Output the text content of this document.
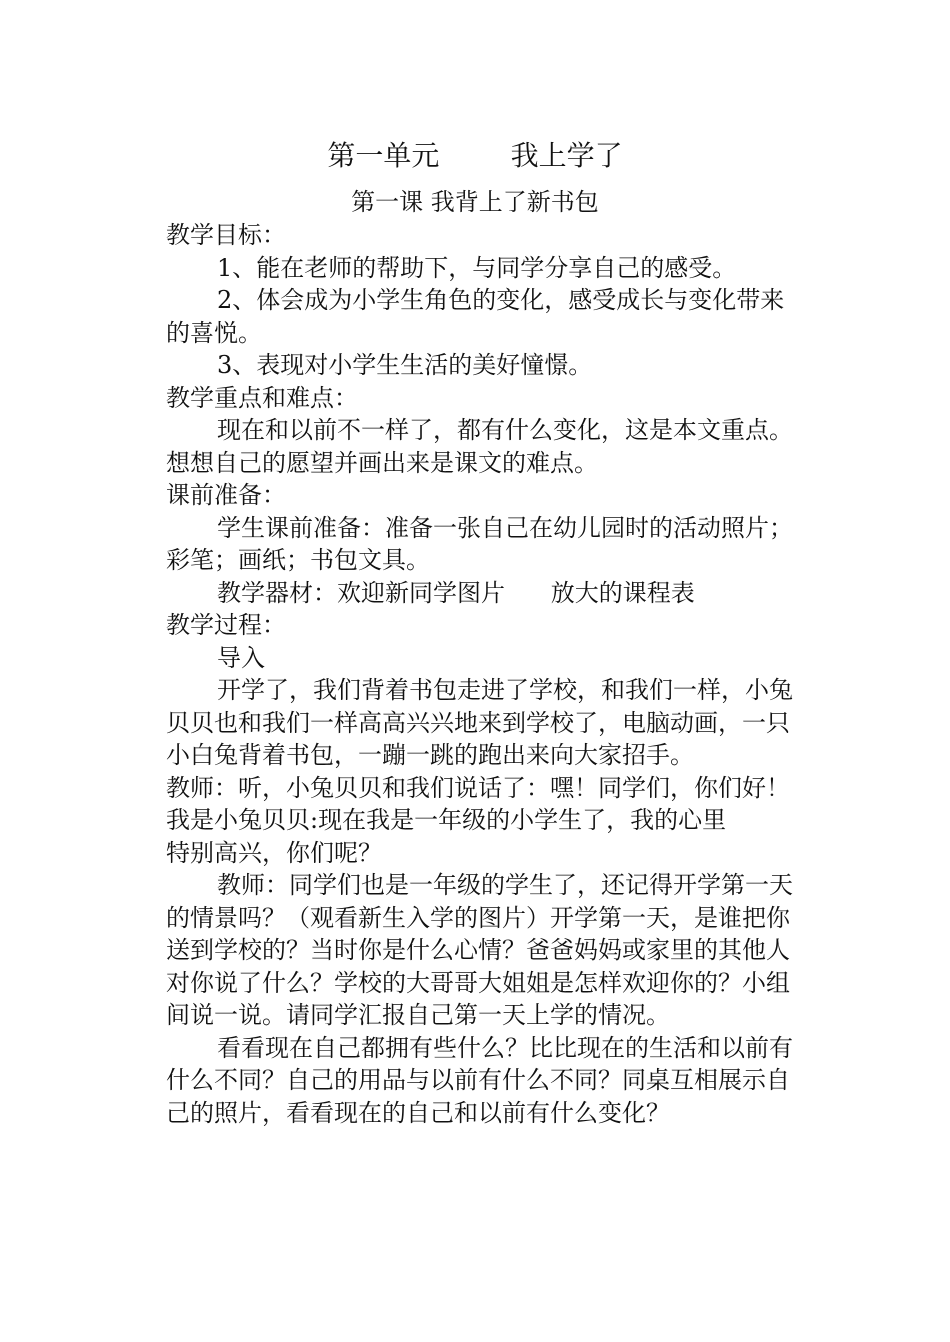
第一单元        我上学了
第一课 我背上了新书包

教学目标：

1、能在老师的帮助下，与同学分享自己的感受。

2、体会成为小学生角色的变化，感受成长与变化带来的喜悦。

3、表现对小学生生活的美好憧憬。

教学重点和难点：

现在和以前不一样了，都有什么变化，这是本文重点。想想自己的愿望并画出来是课文的难点。

课前准备：

学生课前准备：准备一张自己在幼儿园时的活动照片；彩笔；画纸；书包文具。

教学器材：欢迎新同学图片      放大的课程表

教学过程：

导入

开学了，我们背着书包走进了学校，和我们一样，小兔贝贝也和我们一样高高兴兴地来到学校了，电脑动画，一只小白兔背着书包，一蹦一跳的跑出来向大家招手。

教师：听，小兔贝贝和我们说话了：嘿！同学们，你们好！

我是小兔贝贝:现在我是一年级的小学生了，我的心里

特别高兴，你们呢？

教师：同学们也是一年级的学生了，还记得开学第一天的情景吗？（观看新生入学的图片）开学第一天，是谁把你送到学校的？当时你是什么心情？爸爸妈妈或家里的其他人对你说了什么？学校的大哥哥大姐姐是怎样欢迎你的？小组间说一说。请同学汇报自己第一天上学的情况。

看看现在自己都拥有些什么？比比现在的生活和以前有什么不同？自己的用品与以前有什么不同？同桌互相展示自己的照片，看看现在的自己和以前有什么变化？
